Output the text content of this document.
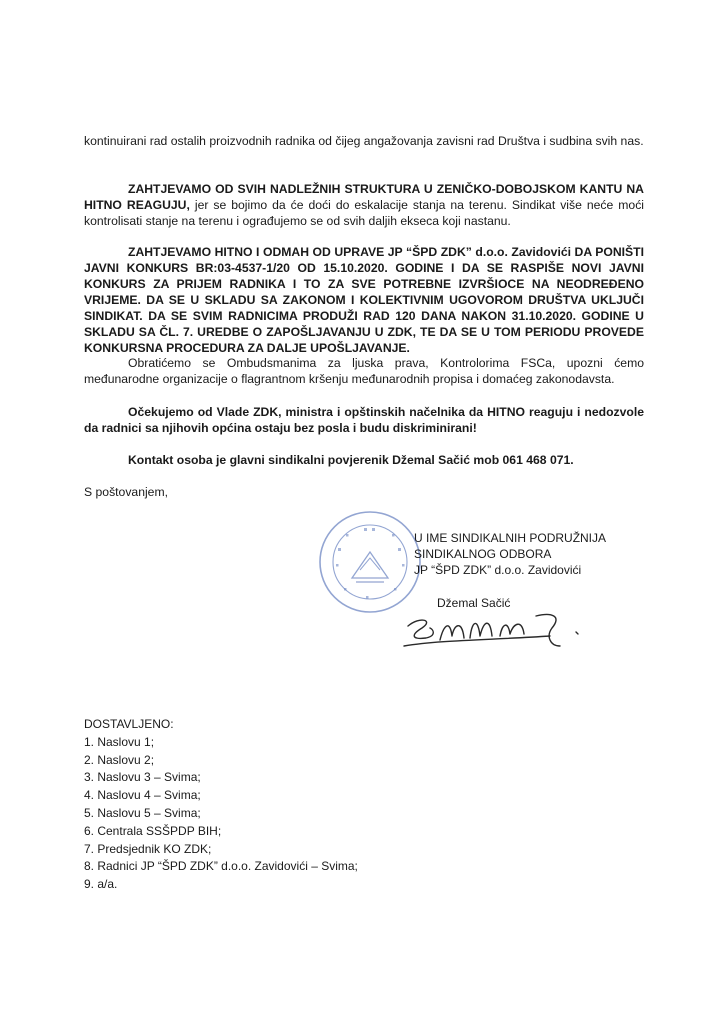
kontinuirani rad ostalih proizvodnih radnika od čijeg angažovanja zavisni rad Društva i sudbina svih nas.

ZAHTJEVAMO OD SVIH NADLEŽNIH STRUKTURA U ZENIČKO-DOBOJSKOM KANTU NA HITNO REAGUJU, jer se bojimo da će doći do eskalacije stanja na terenu. Sindikat više neće moći kontrolisati stanje na terenu i ograđujemo se od svih daljih ekseca koji nastanu.

ZAHTJEVAMO HITNO I ODMAH OD UPRAVE JP “ŠPD ZDK” d.o.o. Zavidovići DA PONIŠTI JAVNI KONKURS BR:03-4537-1/20 OD 15.10.2020. GODINE I DA SE RASPIŠE NOVI JAVNI KONKURS ZA PRIJEM RADNIKA I TO ZA SVE POTREBNE IZVRŠIOCE NA NEODREĐENO VRIJEME. DA SE U SKLADU SA ZAKONOM I KOLEKTIVNIM UGOVOROM DRUŠTVA UKLJUČI SINDIKAT. DA SE SVIM RADNICIMA PRODUŽI RAD 120 DANA NAKON 31.10.2020. GODINE U SKLADU SA ČL. 7. UREDBE O ZAPOŠLJAVANJU U ZDK, TE DA SE U TOM PERIODU PROVEDE KONKURSNA PROCEDURA ZA DALJE UPOŠLJAVANJE.

Obratićemo se Ombudsmanima za ljuska prava, Kontrolorima FSCa, upozni ćemo međunarodne organizacije o flagrantnom kršenju međunarodnih propisa i domaćeg zakonodavsta.

Očekujemo od Vlade ZDK, ministra i opštinskih načelnika da HITNO reaguju i nedozvole da radnici sa njihovih općina ostaju bez posla i budu diskriminirani!

Kontakt osoba je glavni sindikalni povjerenik Džemal Sačić mob 061 468 071.

S poštovanjem,
U IME SINDIKALNIH PODRUŽNIJA
SINDIKALNOG ODBORA
JP “ŠPD ZDK” d.o.o. Zavidovići
Džemal Sačić
DOSTAVLJENO:
1. Naslovu 1;
2. Naslovu 2;
3. Naslovu 3 – Svima;
4. Naslovu 4 – Svima;
5. Naslovu 5 – Svima;
6. Centrala SSŠPDP BIH;
7. Predsjednik KO ZDK;
8. Radnici JP “ŠPD ZDK” d.o.o. Zavidovići – Svima;
9. a/a.
